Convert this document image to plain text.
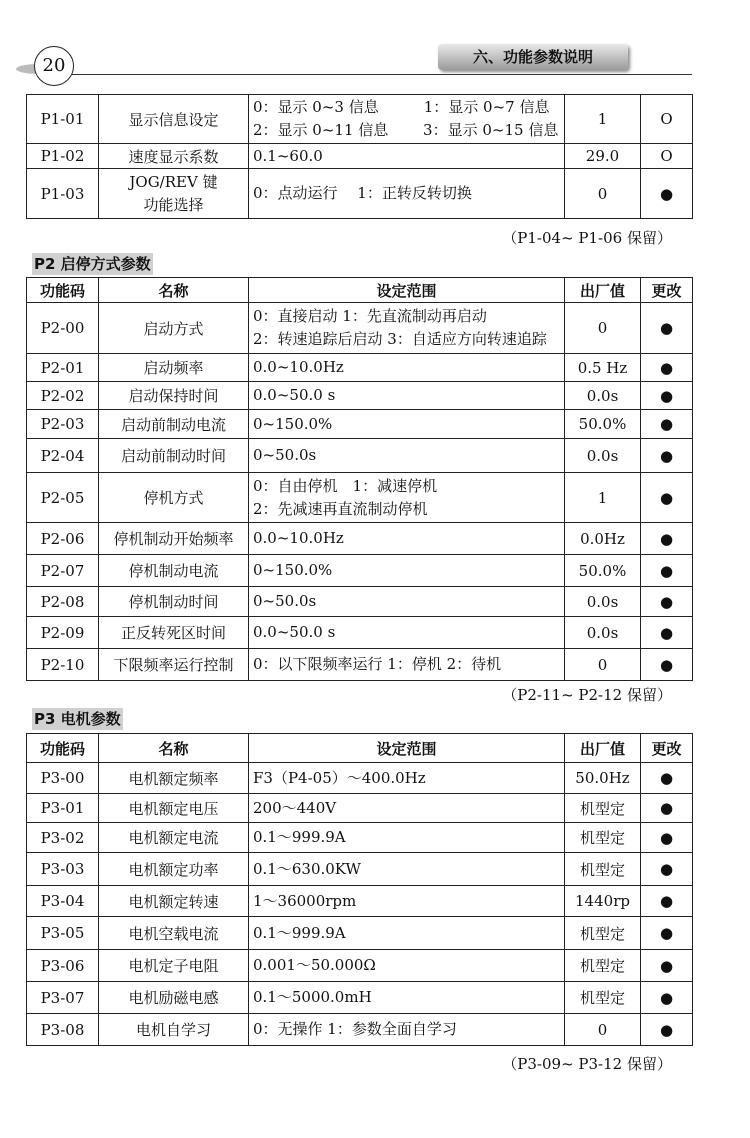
20	六、功能参数说明
P1-01	显示信息设定	0：显示 0~3 信息　　　1：显示 0~7 信息
2：显示 0~11 信息　　 3：显示 0~15 信息	1	O
P1-02	速度显示系数	0.1~60.0	29.0	O
P1-03	JOG/REV 键
功能选择	0：点动运行　 1：正转反转切换	0	●
（P1-04~ P1-06 保留）
P2 启停方式参数
功能码	名称	设定范围	出厂值	更改
P2-00	启动方式	0：直接启动 1：先直流制动再启动
2：转速追踪后启动 3：自适应方向转速追踪	0	●
P2-01	启动频率	0.0~10.0Hz	0.5 Hz	●
P2-02	启动保持时间	0.0~50.0 s	0.0s	●
P2-03	启动前制动电流	0~150.0%	50.0%	●
P2-04	启动前制动时间	0~50.0s	0.0s	●
P2-05	停机方式	0：自由停机　1：减速停机
2：先减速再直流制动停机	1	●
P2-06	停机制动开始频率	0.0~10.0Hz	0.0Hz	●
P2-07	停机制动电流	0~150.0%	50.0%	●
P2-08	停机制动时间	0~50.0s	0.0s	●
P2-09	正反转死区时间	0.0~50.0 s	0.0s	●
P2-10	下限频率运行控制	0：以下限频率运行 1：停机 2：待机	0	●
（P2-11~ P2-12 保留）
P3 电机参数
功能码	名称	设定范围	出厂值	更改
P3-00	电机额定频率	F3（P4-05）～400.0Hz	50.0Hz	●
P3-01	电机额定电压	200～440V	机型定	●
P3-02	电机额定电流	0.1～999.9A	机型定	●
P3-03	电机额定功率	0.1～630.0KW	机型定	●
P3-04	电机额定转速	1～36000rpm	1440rp	●
P3-05	电机空载电流	0.1～999.9A	机型定	●
P3-06	电机定子电阻	0.001～50.000Ω	机型定	●
P3-07	电机励磁电感	0.1～5000.0mH	机型定	●
P3-08	电机自学习	0：无操作 1：参数全面自学习	0	●
（P3-09~ P3-12 保留）
